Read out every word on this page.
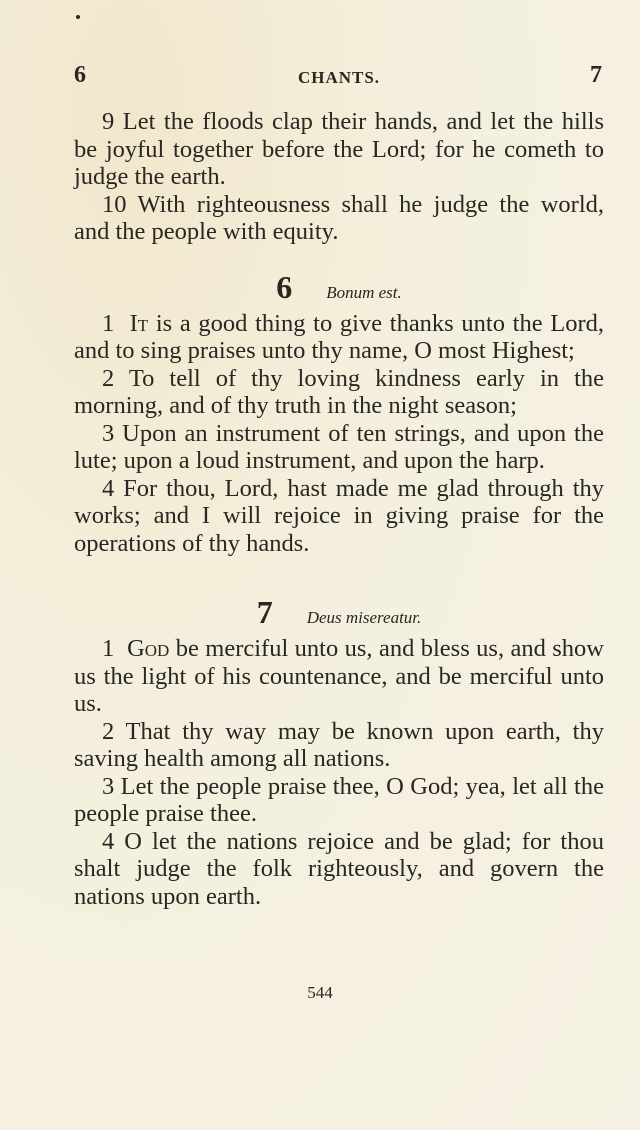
6	CHANTS.	7

9 Let the floods clap their hands, and let the hills be joyful together before the Lord; for he cometh to judge the earth.

10 With righteousness shall he judge the world, and the people with equity.

6 Bonum est.

1 It is a good thing to give thanks unto the Lord, and to sing praises unto thy name, O most Highest;

2 To tell of thy loving kindness early in the morning, and of thy truth in the night season;

3 Upon an instrument of ten strings, and upon the lute; upon a loud instrument, and upon the harp.

4 For thou, Lord, hast made me glad through thy works; and I will rejoice in giving praise for the operations of thy hands.

7 Deus misereatur.

1 God be merciful unto us, and bless us, and show us the light of his countenance, and be merciful unto us.

2 That thy way may be known upon earth, thy saving health among all nations.

3 Let the people praise thee, O God; yea, let all the people praise thee.

4 O let the nations rejoice and be glad; for thou shalt judge the folk righteously, and govern the nations upon earth.

544
